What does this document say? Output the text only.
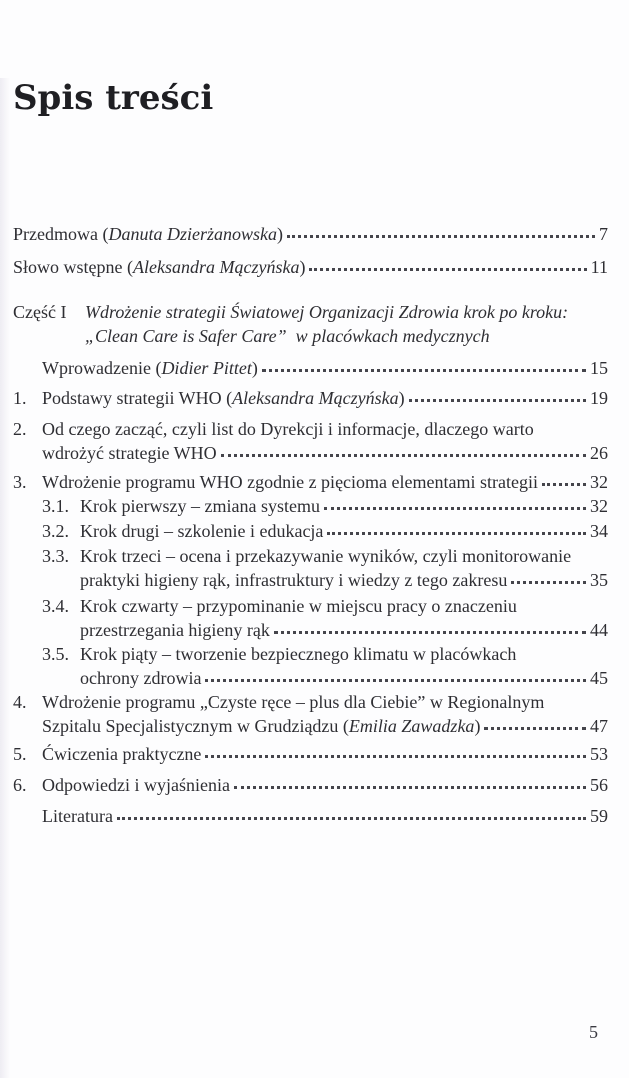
Spis treści
Przedmowa (Danuta Dzierżanowska)	7
Słowo wstępne (Aleksandra Mączyńska)	11
Część I Wdrożenie strategii Światowej Organizacji Zdrowia krok po kroku:
„Clean Care is Safer Care”  w placówkach medycznych
Wprowadzenie (Didier Pittet)	15
1. Podstawy strategii WHO (Aleksandra Mączyńska)	19
2. Od czego zacząć, czyli list do Dyrekcji i informacje, dlaczego warto
wdrożyć strategie WHO	26
3. Wdrożenie programu WHO zgodnie z pięcioma elementami strategii	32
3.1. Krok pierwszy – zmiana systemu	32
3.2. Krok drugi – szkolenie i edukacja	34
3.3. Krok trzeci – ocena i przekazywanie wyników, czyli monitorowanie
praktyki higieny rąk, infrastruktury i wiedzy z tego zakresu	35
3.4. Krok czwarty – przypominanie w miejscu pracy o znaczeniu
przestrzegania higieny rąk	44
3.5. Krok piąty – tworzenie bezpiecznego klimatu w placówkach
ochrony zdrowia	45
4. Wdrożenie programu „Czyste ręce – plus dla Ciebie” w Regionalnym
Szpitalu Specjalistycznym w Grudziądzu (Emilia Zawadzka)	47
5. Ćwiczenia praktyczne	53
6. Odpowiedzi i wyjaśnienia	56
Literatura	59
5
